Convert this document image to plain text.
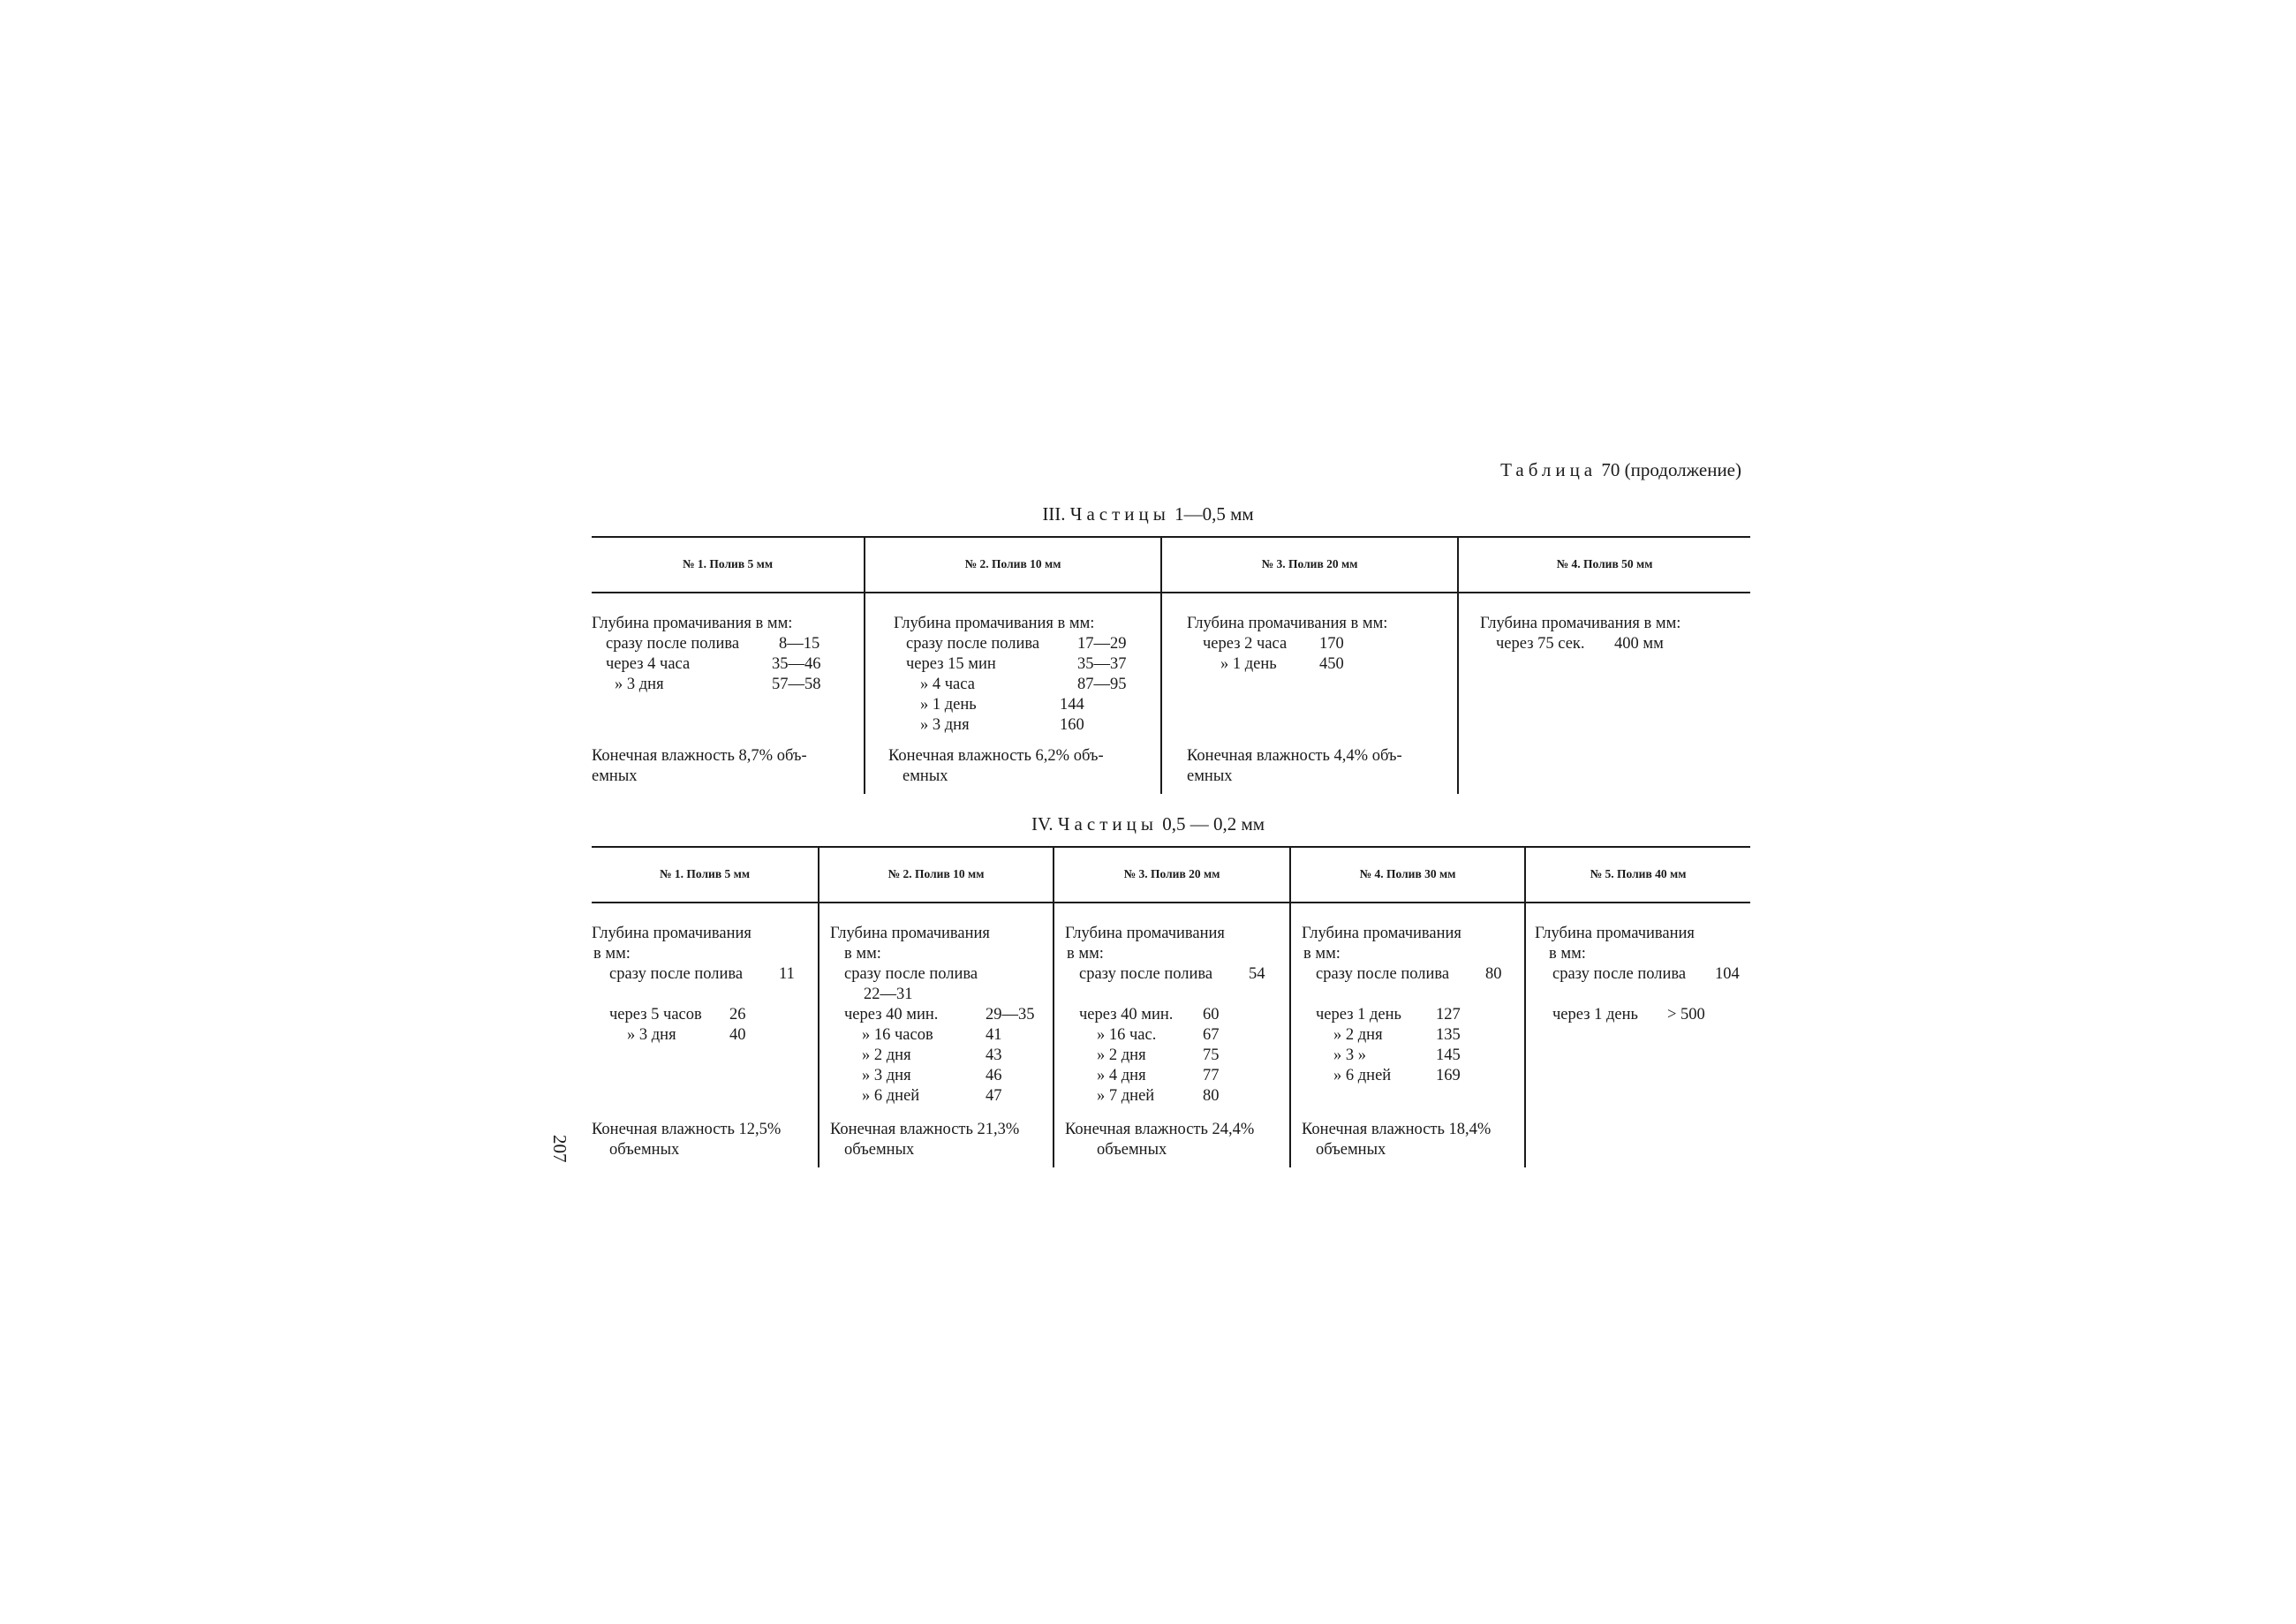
Таблица 70 (продолжение)
III. Частицы 1—0,5 мм
№ 1. Полив 5 мм	№ 2. Полив 10 мм	№ 3. Полив 20 мм	№ 4. Полив 50 мм
Глубина промачивания в мм:
сразу после полива 8—15
через 4 часа	35—46
» 3 дня	57—58
Конечная влажность 8,7% объ-
емных
Глубина промачивания в мм:
сразу после полива 17—29
через 15 мин	35—37
» 4 часа	87—95
» 1 день	144
» 3 дня	160
Конечная влажность 6,2% объ-
емных
Глубина промачивания в мм:
через 2 часа 170
» 1 день	450
Конечная влажность 4,4% объ-
емных
Глубина промачивания в мм:
через 75 сек. 400 мм
IV. Частицы 0,5 — 0,2 мм
№ 1. Полив 5 мм	№ 2. Полив 10 мм	№ 3. Полив 20 мм	№ 4. Полив 30 мм	№ 5. Полив 40 мм
Глубина промачивания
в мм:
сразу после полива 11
через 5 часов 26
» 3 дня	40
Конечная влажность 12,5%
объемных
Глубина промачивания
в мм:
сразу после полива
22—31
через 40 мин.	29—35
» 16 часов	41
» 2 дня	43
» 3 дня	46
» 6 дней	47
Конечная влажность 21,3%
объемных
Глубина промачивания
в мм:
сразу после полива 54
через 40 мин. 60
» 16 час.	67
» 2 дня	75
» 4 дня	77
» 7 дней	80
Конечная влажность 24,4%
объемных
Глубина промачивания
в мм:
сразу после полива 80
через 1 день 127
» 2 дня	135
» 3 »	145
» 6 дней	169
Конечная влажность 18,4%
объемных
Глубина промачивания
в мм:
сразу после полива 104
через 1 день > 500
207
